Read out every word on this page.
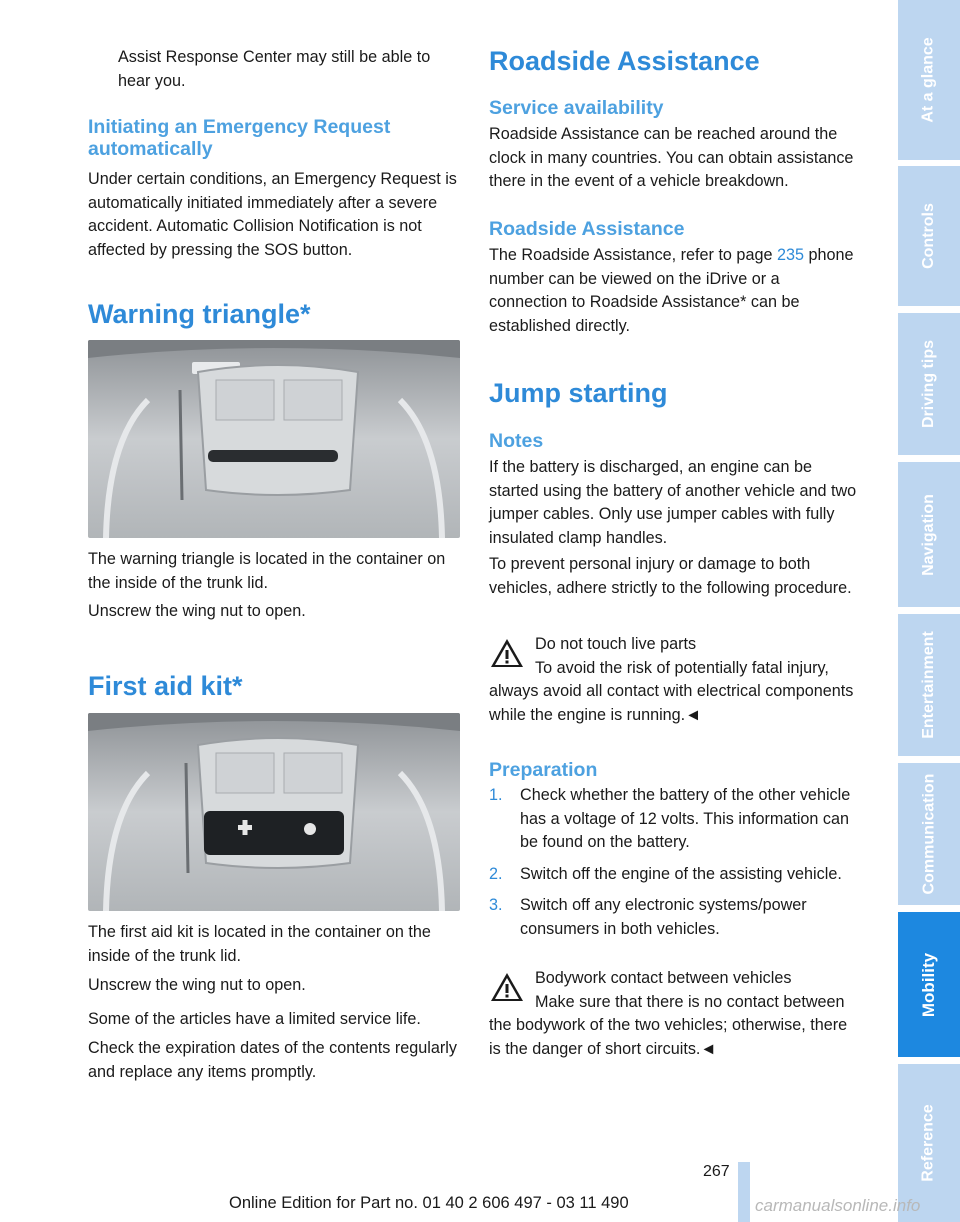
Assist Response Center may still be able to hear you.

Initiating an Emergency Request automatically

Under certain conditions, an Emergency Request is automatically initiated immediately after a severe accident. Automatic Collision Notification is not affected by pressing the SOS button.

Warning triangle*

The warning triangle is located in the container on the inside of the trunk lid.

Unscrew the wing nut to open.

First aid kit*

The first aid kit is located in the container on the inside of the trunk lid.

Unscrew the wing nut to open.

Some of the articles have a limited service life.

Check the expiration dates of the contents regularly and replace any items promptly.

Roadside Assistance
Service availability

Roadside Assistance can be reached around the clock in many countries. You can obtain assistance there in the event of a vehicle breakdown.

Roadside Assistance

The Roadside Assistance, refer to page 235 phone number can be viewed on the iDrive or a connection to Roadside Assistance* can be established directly.

Jump starting
Notes

If the battery is discharged, an engine can be started using the battery of another vehicle and two jumper cables. Only use jumper cables with fully insulated clamp handles.

To prevent personal injury or damage to both vehicles, adhere strictly to the following procedure.

Do not touch live parts

To avoid the risk of potentially fatal injury, always avoid all contact with electrical components while the engine is running.◄

Preparation
1. Check whether the battery of the other vehicle has a voltage of 12 volts. This information can be found on the battery.
2. Switch off the engine of the assisting vehicle.
3. Switch off any electronic systems/power consumers in both vehicles.

Bodywork contact between vehicles

Make sure that there is no contact between the bodywork of the two vehicles; otherwise, there is the danger of short circuits.◄

At a glance
Controls
Driving tips
Navigation
Entertainment
Communication
Mobility
Reference
267
Online Edition for Part no. 01 40 2 606 497 - 03 11 490	carmanualsonline.info
